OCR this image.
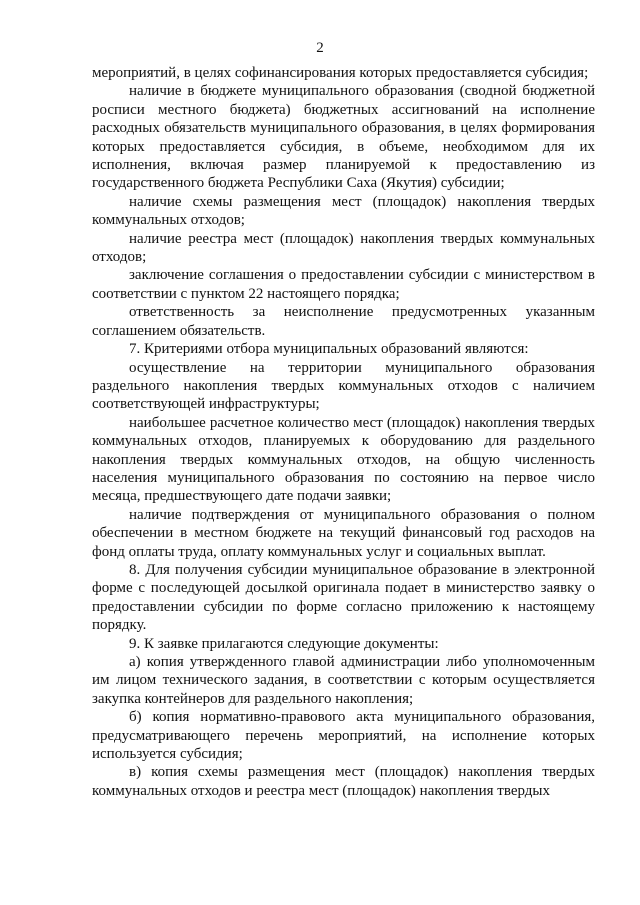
2

мероприятий, в целях софинансирования которых предоставляется субсидия;

наличие в бюджете муниципального образования (сводной бюджетной росписи местного бюджета) бюджетных ассигнований на исполнение расходных обязательств муниципального образования, в целях формирования которых предоставляется субсидия, в объеме, необходимом для их исполнения, включая размер планируемой к предоставлению из государственного бюджета Республики Саха (Якутия) субсидии;

наличие схемы размещения мест (площадок) накопления твердых коммунальных отходов;

наличие реестра мест (площадок) накопления твердых коммунальных отходов;

заключение соглашения о предоставлении субсидии с министерством в соответствии с пунктом 22 настоящего порядка;

ответственность за неисполнение предусмотренных указанным соглашением обязательств.

7. Критериями отбора муниципальных образований являются:

осуществление на территории муниципального образования раздельного накопления твердых коммунальных отходов с наличием соответствующей инфраструктуры;

наибольшее расчетное количество мест (площадок) накопления твердых коммунальных отходов, планируемых к оборудованию для раздельного накопления твердых коммунальных отходов, на общую численность населения муниципального образования по состоянию на первое число месяца, предшествующего дате подачи заявки;

наличие подтверждения от муниципального образования о полном обеспечении в местном бюджете на текущий финансовый год расходов на фонд оплаты труда, оплату коммунальных услуг и социальных выплат.

8. Для получения субсидии муниципальное образование в электронной форме с последующей досылкой оригинала подает в министерство заявку о предоставлении субсидии по форме согласно приложению к настоящему порядку.

9. К заявке прилагаются следующие документы:

а) копия утвержденного главой администрации либо уполномоченным им лицом технического задания, в соответствии с которым осуществляется закупка контейнеров для раздельного накопления;

б) копия нормативно-правового акта муниципального образования, предусматривающего перечень мероприятий, на исполнение которых используется субсидия;

в) копия схемы размещения мест (площадок) накопления твердых коммунальных отходов и реестра мест (площадок) накопления твердых
